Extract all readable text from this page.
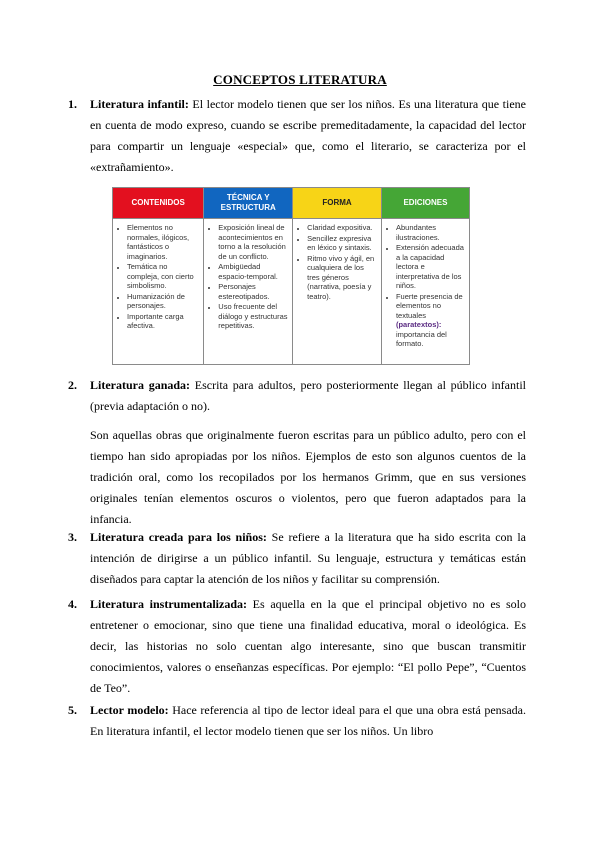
CONCEPTOS LITERATURA
1. Literatura infantil: El lector modelo tienen que ser los niños. Es una literatura que tiene en cuenta de modo expreso, cuando se escribe premeditadamente, la capacidad del lector para compartir un lenguaje «especial» que, como el literario, se caracteriza por el «extrañamiento».

CONTENIDOS
• Elementos no normales, ilógicos, fantásticos o imaginarios.
• Temática no compleja, con cierto simbolismo.
• Humanización de personajes.
• Importante carga afectiva.
TÉCNICA Y ESTRUCTURA
• Exposición lineal de acontecimientos en torno a la resolución de un conflicto.
• Ambigüedad espacio-temporal.
• Personajes estereotipados.
• Uso frecuente del diálogo y estructuras repetitivas.
FORMA
• Claridad expositiva.
• Sencillez expresiva en léxico y sintaxis.
• Ritmo vivo y ágil, en cualquiera de los tres géneros (narrativa, poesía y teatro).
EDICIONES
• Abundantes ilustraciones.
• Extensión adecuada a la capacidad lectora e interpretativa de los niños.
• Fuerte presencia de elementos no textuales (paratextos): importancia del formato.
2. Literatura ganada: Escrita para adultos, pero posteriormente llegan al público infantil (previa adaptación o no).

Son aquellas obras que originalmente fueron escritas para un público adulto, pero con el tiempo han sido apropiadas por los niños. Ejemplos de esto son algunos cuentos de la tradición oral, como los recopilados por los hermanos Grimm, que en sus versiones originales tenían elementos oscuros o violentos, pero que fueron adaptados para la infancia.

3. Literatura creada para los niños: Se refiere a la literatura que ha sido escrita con la intención de dirigirse a un público infantil. Su lenguaje, estructura y temáticas están diseñados para captar la atención de los niños y facilitar su comprensión.

4. Literatura instrumentalizada: Es aquella en la que el principal objetivo no es solo entretener o emocionar, sino que tiene una finalidad educativa, moral o ideológica. Es decir, las historias no solo cuentan algo interesante, sino que buscan transmitir conocimientos, valores o enseñanzas específicas. Por ejemplo: “El pollo Pepe”, “Cuentos de Teo”.

5. Lector modelo: Hace referencia al tipo de lector ideal para el que una obra está pensada. En literatura infantil, el lector modelo tienen que ser los niños. Un libro
